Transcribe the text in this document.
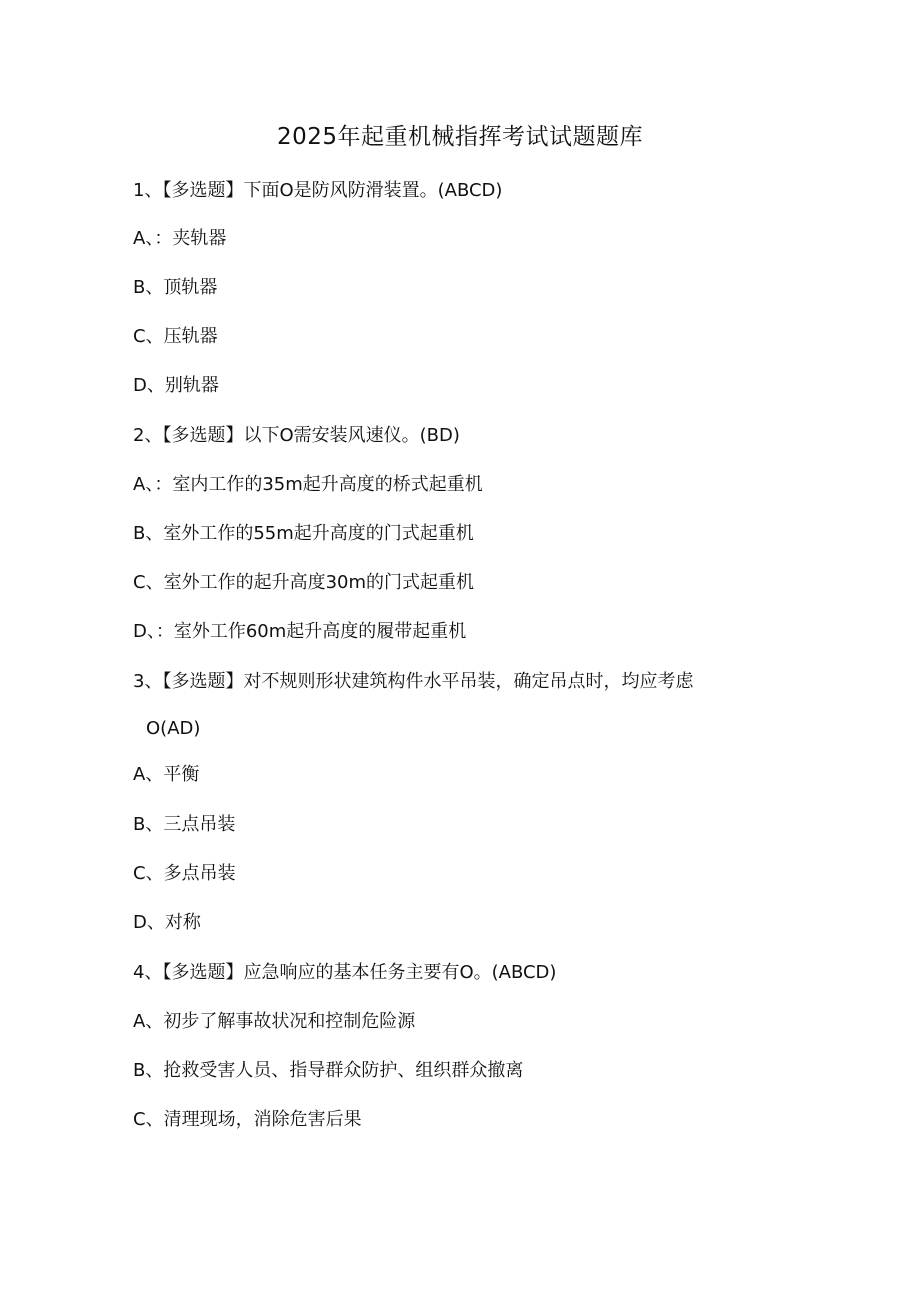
2025年起重机械指挥考试试题题库
1、【多选题】下面O是防风防滑装置。(ABCD)
A、：夹轨器
B、顶轨器
C、压轨器
D、别轨器
2、【多选题】以下O需安装风速仪。(BD)
A、：室内工作的35m起升高度的桥式起重机
B、室外工作的55m起升高度的门式起重机
C、室外工作的起升高度30m的门式起重机
D、：室外工作60m起升高度的履带起重机
3、【多选题】对不规则形状建筑构件水平吊装，确定吊点时，均应考虑
O(AD)
A、平衡
B、三点吊装
C、多点吊装
D、对称
4、【多选题】应急响应的基本任务主要有O。(ABCD)
A、初步了解事故状况和控制危险源
B、抢救受害人员、指导群众防护、组织群众撤离
C、清理现场，消除危害后果
